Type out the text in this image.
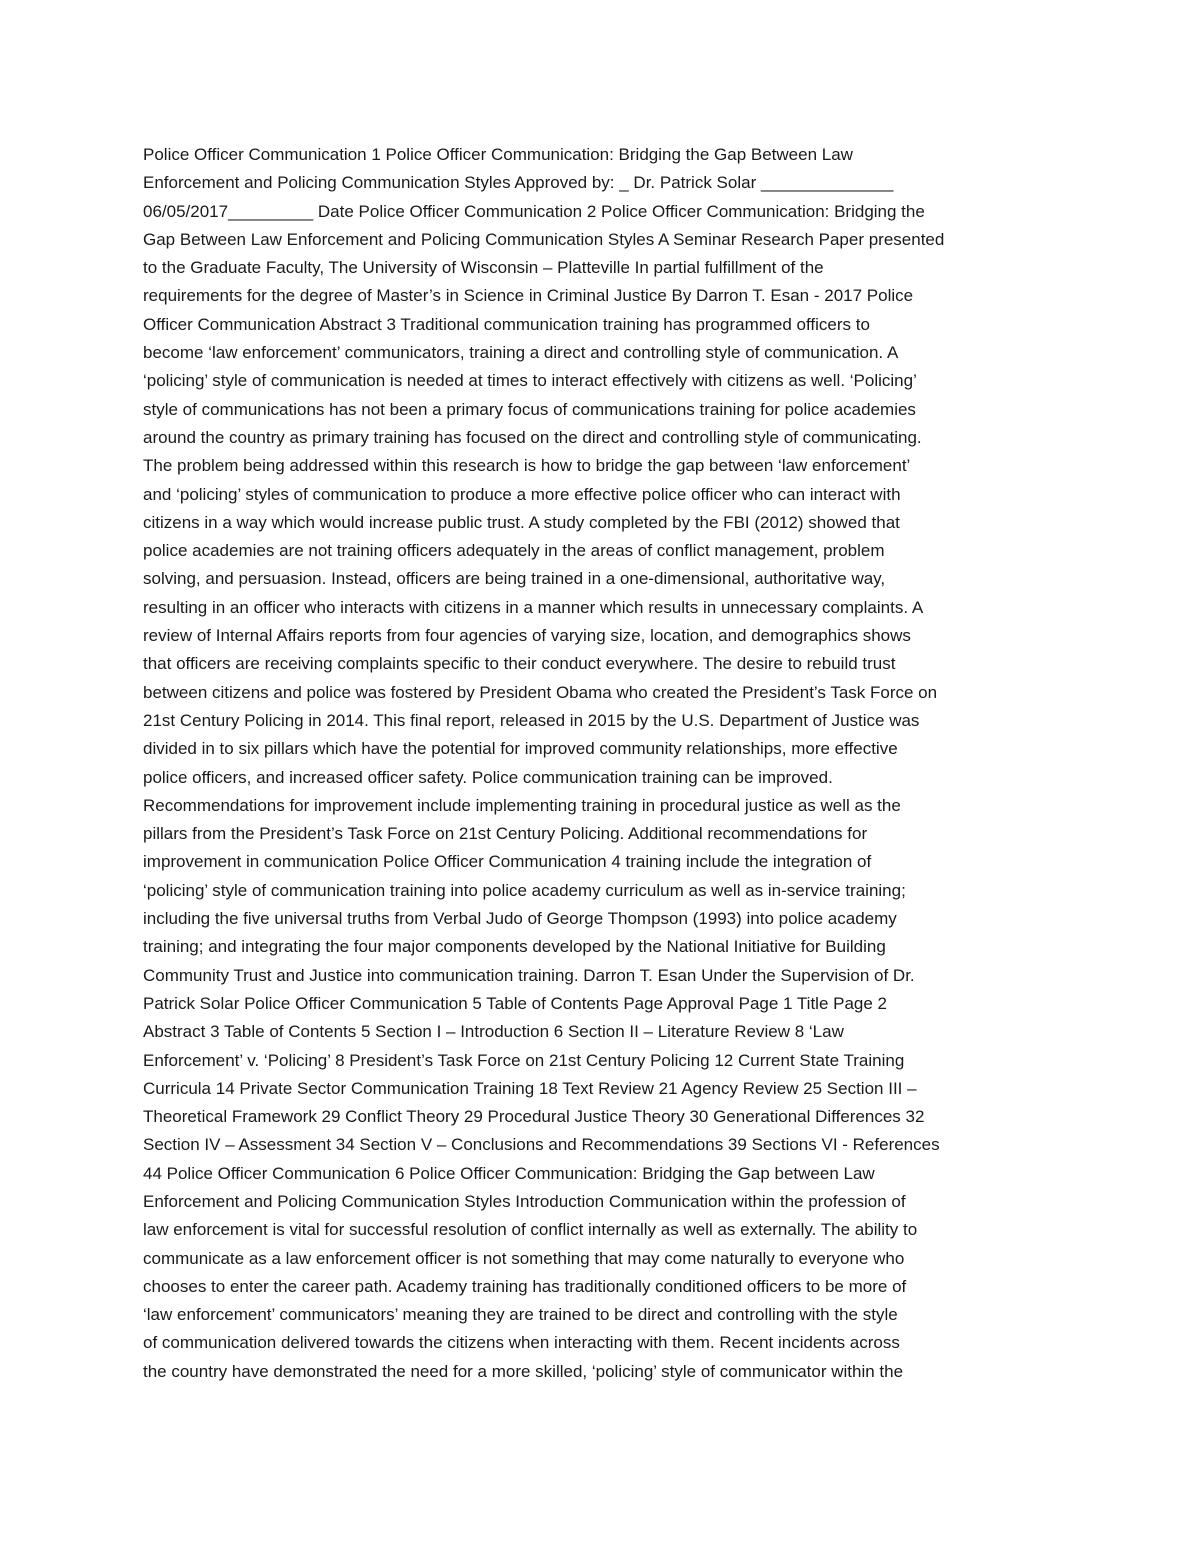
Police Officer Communication 1 Police Officer Communication: Bridging the Gap Between Law
Enforcement and Policing Communication Styles Approved by: _ Dr. Patrick Solar ______________
06/05/2017_________ Date Police Officer Communication 2 Police Officer Communication: Bridging the
Gap Between Law Enforcement and Policing Communication Styles A Seminar Research Paper presented
to the Graduate Faculty, The University of Wisconsin – Platteville In partial fulfillment of the
requirements for the degree of Master’s in Science in Criminal Justice By Darron T. Esan - 2017 Police
Officer Communication Abstract 3 Traditional communication training has programmed officers to
become ‘law enforcement’ communicators, training a direct and controlling style of communication. A
‘policing’ style of communication is needed at times to interact effectively with citizens as well. ‘Policing’
style of communications has not been a primary focus of communications training for police academies
around the country as primary training has focused on the direct and controlling style of communicating.
The problem being addressed within this research is how to bridge the gap between ‘law enforcement’
and ‘policing’ styles of communication to produce a more effective police officer who can interact with
citizens in a way which would increase public trust. A study completed by the FBI (2012) showed that
police academies are not training officers adequately in the areas of conflict management, problem
solving, and persuasion. Instead, officers are being trained in a one-dimensional, authoritative way,
resulting in an officer who interacts with citizens in a manner which results in unnecessary complaints. A
review of Internal Affairs reports from four agencies of varying size, location, and demographics shows
that officers are receiving complaints specific to their conduct everywhere. The desire to rebuild trust
between citizens and police was fostered by President Obama who created the President’s Task Force on
21st Century Policing in 2014. This final report, released in 2015 by the U.S. Department of Justice was
divided in to six pillars which have the potential for improved community relationships, more effective
police officers, and increased officer safety. Police communication training can be improved.
Recommendations for improvement include implementing training in procedural justice as well as the
pillars from the President’s Task Force on 21st Century Policing. Additional recommendations for
improvement in communication Police Officer Communication 4 training include the integration of
‘policing’ style of communication training into police academy curriculum as well as in-service training;
including the five universal truths from Verbal Judo of George Thompson (1993) into police academy
training; and integrating the four major components developed by the National Initiative for Building
Community Trust and Justice into communication training. Darron T. Esan Under the Supervision of Dr.
Patrick Solar Police Officer Communication 5 Table of Contents Page Approval Page 1 Title Page 2
Abstract 3 Table of Contents 5 Section I – Introduction 6 Section II – Literature Review 8 ‘Law
Enforcement’ v. ‘Policing’ 8 President’s Task Force on 21st Century Policing 12 Current State Training
Curricula 14 Private Sector Communication Training 18 Text Review 21 Agency Review 25 Section III –
Theoretical Framework 29 Conflict Theory 29 Procedural Justice Theory 30 Generational Differences 32
Section IV – Assessment 34 Section V – Conclusions and Recommendations 39 Sections VI - References
44 Police Officer Communication 6 Police Officer Communication: Bridging the Gap between Law
Enforcement and Policing Communication Styles Introduction Communication within the profession of
law enforcement is vital for successful resolution of conflict internally as well as externally. The ability to
communicate as a law enforcement officer is not something that may come naturally to everyone who
chooses to enter the career path. Academy training has traditionally conditioned officers to be more of
‘law enforcement’ communicators’ meaning they are trained to be direct and controlling with the style
of communication delivered towards the citizens when interacting with them. Recent incidents across
the country have demonstrated the need for a more skilled, ‘policing’ style of communicator within the
